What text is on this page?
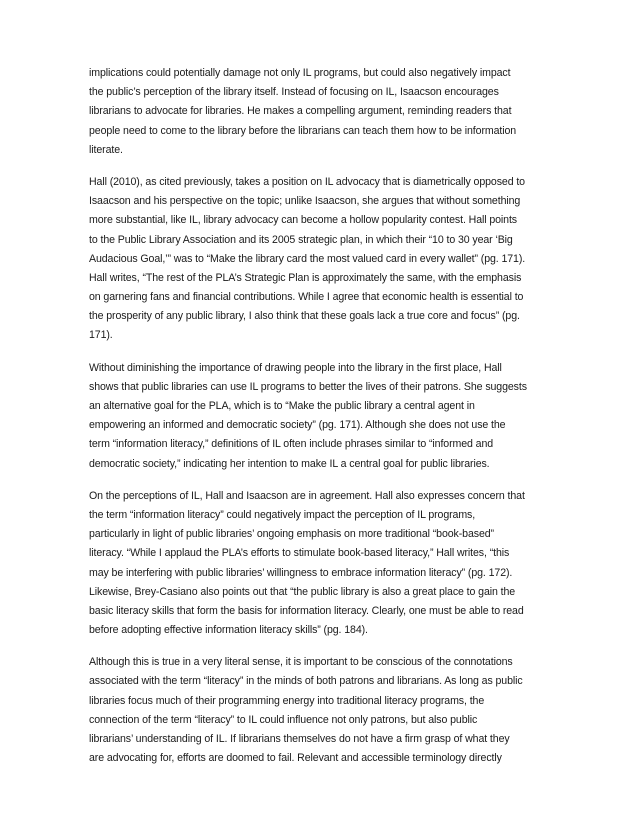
implications could potentially damage not only IL programs, but could also negatively impact
the public’s perception of the library itself. Instead of focusing on IL, Isaacson encourages
librarians to advocate for libraries. He makes a compelling argument, reminding readers that
people need to come to the library before the librarians can teach them how to be information
literate.
Hall (2010), as cited previously, takes a position on IL advocacy that is diametrically opposed to
Isaacson and his perspective on the topic; unlike Isaacson, she argues that without something
more substantial, like IL, library advocacy can become a hollow popularity contest. Hall points
to the Public Library Association and its 2005 strategic plan, in which their “10 to 30 year ‘Big
Audacious Goal,’” was to “Make the library card the most valued card in every wallet” (pg. 171).
Hall writes, “The rest of the PLA’s Strategic Plan is approximately the same, with the emphasis
on garnering fans and financial contributions. While I agree that economic health is essential to
the prosperity of any public library, I also think that these goals lack a true core and focus” (pg.
171).
Without diminishing the importance of drawing people into the library in the first place, Hall
shows that public libraries can use IL programs to better the lives of their patrons. She suggests
an alternative goal for the PLA, which is to “Make the public library a central agent in
empowering an informed and democratic society” (pg. 171). Although she does not use the
term “information literacy,” definitions of IL often include phrases similar to “informed and
democratic society,” indicating her intention to make IL a central goal for public libraries.
On the perceptions of IL, Hall and Isaacson are in agreement. Hall also expresses concern that
the term “information literacy” could negatively impact the perception of IL programs,
particularly in light of public libraries’ ongoing emphasis on more traditional “book-based”
literacy. “While I applaud the PLA’s efforts to stimulate book-based literacy,” Hall writes, “this
may be interfering with public libraries’ willingness to embrace information literacy” (pg. 172).
Likewise, Brey-Casiano also points out that “the public library is also a great place to gain the
basic literacy skills that form the basis for information literacy. Clearly, one must be able to read
before adopting effective information literacy skills” (pg. 184).
Although this is true in a very literal sense, it is important to be conscious of the connotations
associated with the term “literacy” in the minds of both patrons and librarians. As long as public
libraries focus much of their programming energy into traditional literacy programs, the
connection of the term “literacy” to IL could influence not only patrons, but also public
librarians’ understanding of IL. If librarians themselves do not have a firm grasp of what they
are advocating for, efforts are doomed to fail. Relevant and accessible terminology directly
